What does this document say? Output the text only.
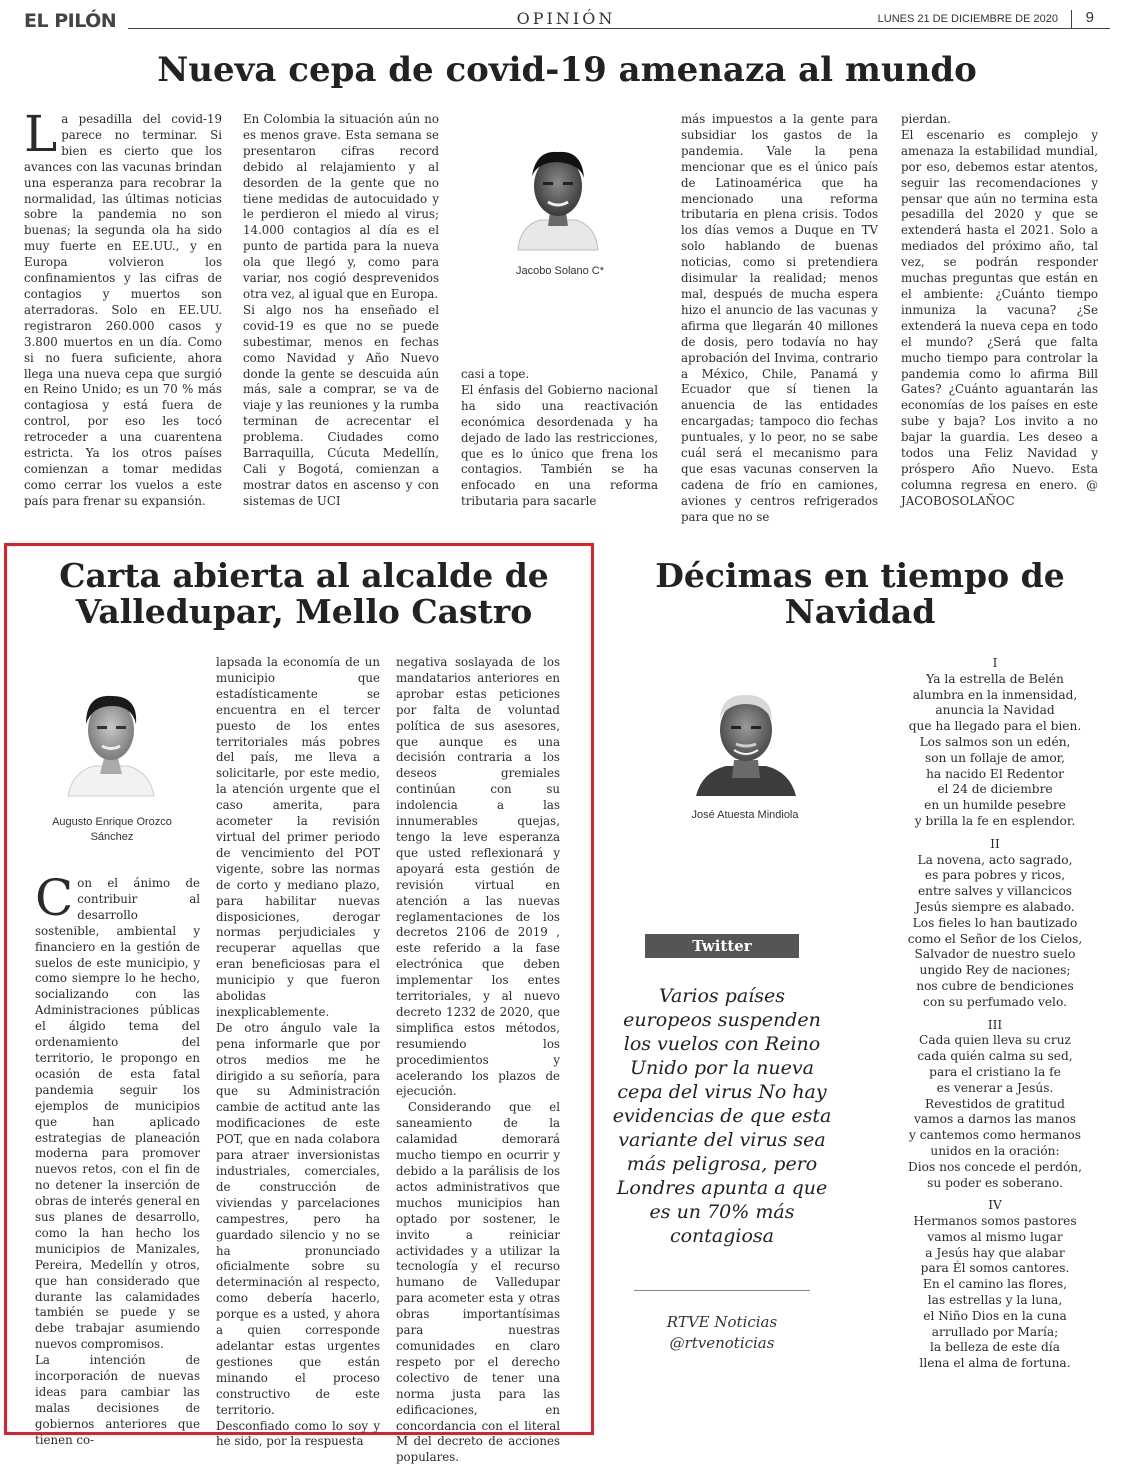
EL PILÓN	OPINIÓN	LUNES 21 DE DICIEMBRE DE 2020	9
Nueva cepa de covid-19 amenaza al mundo

La pesadilla del covid-19 parece no terminar. Si bien es cierto que los avances con las vacunas brindan una esperanza para recobrar la normalidad, las últimas noticias sobre la pandemia no son buenas; la segunda ola ha sido muy fuerte en EE.UU., y en Europa volvieron los confinamientos y las cifras de contagios y muertos son aterradoras. Solo en EE.UU. registraron 260.000 casos y 3.800 muertos en un día. Como si no fuera suficiente, ahora llega una nueva cepa que surgió en Reino Unido; es un 70 % más contagiosa y está fuera de control, por eso les tocó retroceder a una cuarentena estricta. Ya los otros países comienzan a tomar medidas como cerrar los vuelos a este país para frenar su expansión.

En Colombia la situación aún no es menos grave. Esta semana se presentaron cifras record debido al relajamiento y al desorden de la gente que no tiene medidas de autocuidado y le perdieron el miedo al virus; 14.000 contagios al día es el punto de partida para la nueva ola que llegó y, como para variar, nos cogió desprevenidos otra vez, al igual que en Europa.

Si algo nos ha enseñado el covid-19 es que no se puede subestimar, menos en fechas como Navidad y Año Nuevo donde la gente se descuida aún más, sale a comprar, se va de viaje y las reuniones y la rumba terminan de acrecentar el problema. Ciudades como Barraquilla, Cúcuta Medellín, Cali y Bogotá, comienzan a mostrar datos en ascenso y con sistemas de UCI

Jacobo Solano C*

casi a tope.

El énfasis del Gobierno nacional ha sido una reactivación económica desordenada y ha dejado de lado las restricciones, que es lo único que frena los contagios. También se ha enfocado en una reforma tributaria para sacarle

más impuestos a la gente para subsidiar los gastos de la pandemia. Vale la pena mencionar que es el único país de Latinoamérica que ha mencionado una reforma tributaria en plena crisis. Todos los días vemos a Duque en TV solo hablando de buenas noticias, como si pretendiera disimular la realidad; menos mal, después de mucha espera hizo el anuncio de las vacunas y afirma que llegarán 40 millones de dosis, pero todavía no hay aprobación del Invima, contrario a México, Chile, Panamá y Ecuador que sí tienen la anuencia de las entidades encargadas; tampoco dio fechas puntuales, y lo peor, no se sabe cuál será el mecanismo para que esas vacunas conserven la cadena de frío en camiones, aviones y centros refrigerados para que no se

pierdan.

El escenario es complejo y amenaza la estabilidad mundial, por eso, debemos estar atentos, seguir las recomendaciones y pensar que aún no termina esta pesadilla del 2020 y que se extenderá hasta el 2021. Solo a mediados del próximo año, tal vez, se podrán responder muchas preguntas que están en el ambiente: ¿Cuánto tiempo inmuniza la vacuna? ¿Se extenderá la nueva cepa en todo el mundo? ¿Será que falta mucho tiempo para controlar la pandemia como lo afirma Bill Gates? ¿Cuánto aguantarán las economías de los países en este sube y baja? Los invito a no bajar la guardia. Les deseo a todos una Feliz Navidad y próspero Año Nuevo. Esta columna regresa en enero. @ JACOBOSOLAÑOC

Carta abierta al alcalde de
Valledupar, Mello Castro
Augusto Enrique Orozco
Sánchez

Con el ánimo de contribuir al desarrollo sostenible, ambiental y financiero en la gestión de suelos de este municipio, y como siempre lo he hecho, socializando con las Administraciones públicas el álgido tema del ordenamiento del territorio, le propongo en ocasión de esta fatal pandemia seguir los ejemplos de municipios que han aplicado estrategias de planeación moderna para promover nuevos retos, con el fin de no detener la inserción de obras de interés general en sus planes de desarrollo, como la han hecho los municipios de Manizales, Pereira, Medellín y otros, que han considerado que durante las calamidades también se puede y se debe trabajar asumiendo nuevos compromisos.

La intención de incorporación de nuevas ideas para cambiar las malas decisiones de gobiernos anteriores que tienen co-

lapsada la economía de un municipio que estadísticamente se encuentra en el tercer puesto de los entes territoriales más pobres del país, me lleva a solicitarle, por este medio, la atención urgente que el caso amerita, para acometer la revisión virtual del primer periodo de vencimiento del POT vigente, sobre las normas de corto y mediano plazo, para habilitar nuevas disposiciones, derogar normas perjudiciales y recuperar aquellas que eran beneficiosas para el municipio y que fueron abolidas inexplicablemente.

De otro ángulo vale la pena informarle que por otros medios me he dirigido a su señoría, para que su Administración cambie de actitud ante las modificaciones de este POT, que en nada colabora para atraer inversionistas industriales, comerciales, de construcción de viviendas y parcelaciones campestres, pero ha guardado silencio y no se ha pronunciado oficialmente sobre su determinación al respecto, como debería hacerlo, porque es a usted, y ahora a quien corresponde adelantar estas urgentes gestiones que están minando el proceso constructivo de este territorio.

Desconfiado como lo soy y he sido, por la respuesta

negativa soslayada de los mandatarios anteriores en aprobar estas peticiones por falta de voluntad política de sus asesores, que aunque es una decisión contraria a los deseos gremiales continúan con su indolencia a las innumerables quejas, tengo la leve esperanza que usted reflexionará y apoyará esta gestión de revisión virtual en atención a las nuevas reglamentaciones de los decretos 2106 de 2019 , este referido a la fase electrónica que deben implementar los entes territoriales, y al nuevo decreto 1232 de 2020, que simplifica estos métodos, resumiendo los procedimientos y acelerando los plazos de ejecución.

Considerando que el saneamiento de la calamidad demorará mucho tiempo en ocurrir y debido a la parálisis de los actos administrativos que muchos municipios han optado por sostener, le invito a reiniciar actividades y a utilizar la tecnología y el recurso humano de Valledupar para acometer esta y otras obras importantísimas para nuestras comunidades en claro respeto por el derecho colectivo de tener una norma justa para las edificaciones, en concordancia con el literal M del decreto de acciones populares.

Décimas en tiempo de
Navidad
José Atuesta Mindiola
Twitter
Varios países europeos suspenden los vuelos con Reino Unido por la nueva cepa del virus No hay evidencias de que esta variante del virus sea más peligrosa, pero Londres apunta a que es un 70% más contagiosa
RTVE Noticias
@rtvenoticias
I
Ya la estrella de Belén
alumbra en la inmensidad,
anuncia la Navidad
que ha llegado para el bien.
Los salmos son un edén,
son un follaje de amor,
ha nacido El Redentor
el 24 de diciembre
en un humilde pesebre
y brilla la fe en esplendor.
II
La novena, acto sagrado,
es para pobres y ricos,
entre salves y villancicos
Jesús siempre es alabado.
Los fieles lo han bautizado
como el Señor de los Cielos,
Salvador de nuestro suelo
ungido Rey de naciones;
nos cubre de bendiciones
con su perfumado velo.
III
Cada quien lleva su cruz
cada quién calma su sed,
para el cristiano la fe
es venerar a Jesús.
Revestidos de gratitud
vamos a darnos las manos
y cantemos como hermanos
unidos en la oración:
Dios nos concede el perdón,
su poder es soberano.
IV
Hermanos somos pastores
vamos al mismo lugar
a Jesús hay que alabar
para Él somos cantores.
En el camino las flores,
las estrellas y la luna,
el Niño Dios en la cuna
arrullado por María;
la belleza de este día
llena el alma de fortuna.
